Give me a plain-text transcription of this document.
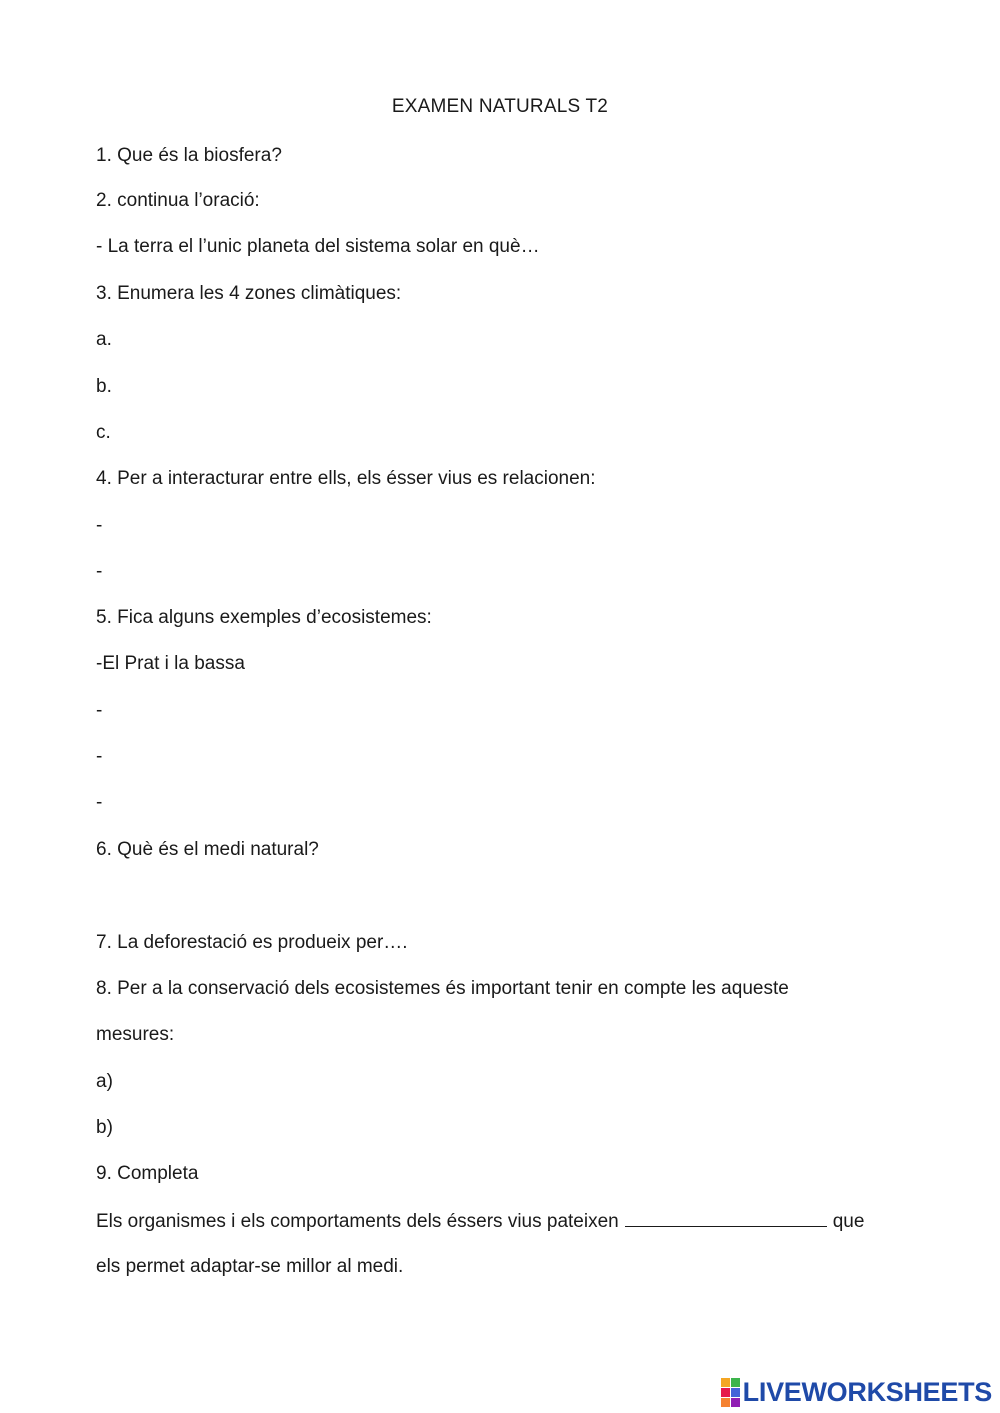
EXAMEN NATURALS T2
1. Que és la biosfera?
2. continua l’oració:
- La terra el l’unic planeta del sistema solar en què…
3. Enumera les 4 zones climàtiques:
a.
b.
c.
4. Per a interacturar entre ells, els ésser vius es relacionen:
-
-
5. Fica alguns exemples d’ecosistemes:
-El Prat i la bassa
-
-
-
6. Què és el medi natural?
7. La deforestació es produeix per….
8. Per a la conservació dels ecosistemes és important tenir en compte les aqueste
mesures:
a)
b)
9. Completa
Els organismes i els comportaments dels éssers vius pateixen	que
els permet adaptar-se millor al medi.
LIVEWORKSHEETS
